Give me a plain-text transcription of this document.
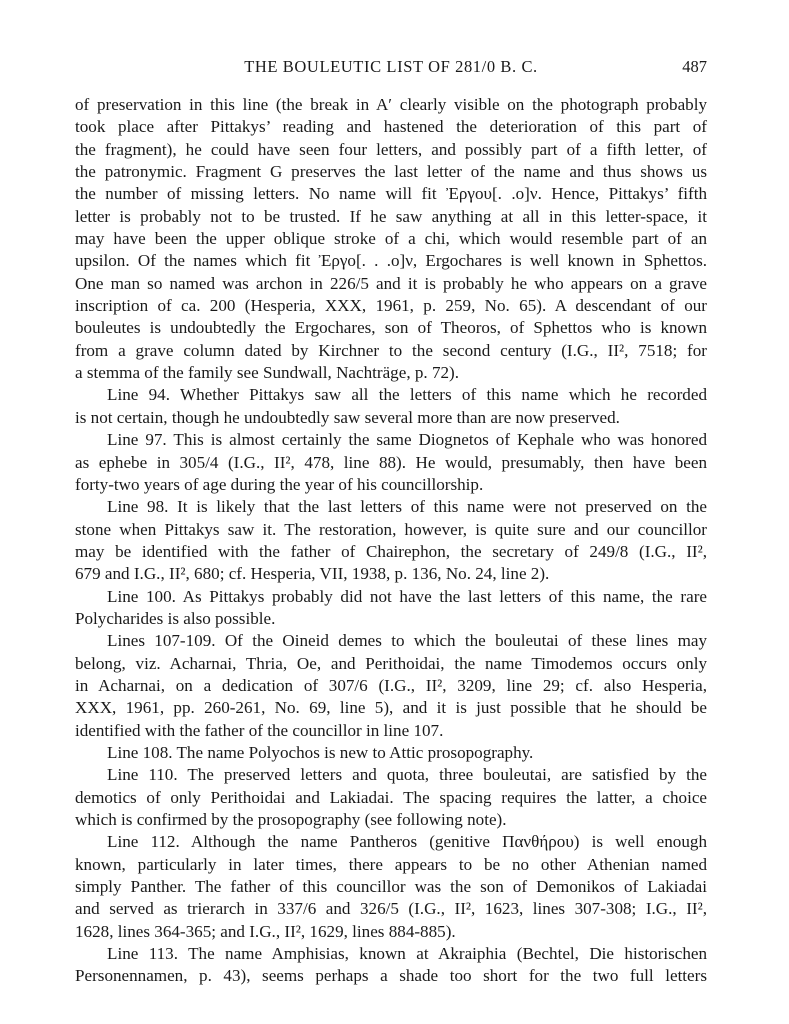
THE BOULEUTIC LIST OF 281/0 B. C.	487
of preservation in this line (the break in A′ clearly visible on the photograph probably
took place after Pittakys’ reading and hastened the deterioration of this part of
the fragment), he could have seen four letters, and possibly part of a fifth letter, of
the patronymic. Fragment G preserves the last letter of the name and thus shows us
the number of missing letters. No name will fit Ἐργου[. .ο]ν. Hence, Pittakys’ fifth
letter is probably not to be trusted. If he saw anything at all in this letter-space, it
may have been the upper oblique stroke of a chi, which would resemble part of an
upsilon. Of the names which fit Ἐργο[. . .ο]ν, Ergochares is well known in Sphettos.
One man so named was archon in 226/5 and it is probably he who appears on a grave
inscription of ca. 200 (Hesperia, XXX, 1961, p. 259, No. 65). A descendant of our
bouleutes is undoubtedly the Ergochares, son of Theoros, of Sphettos who is known
from a grave column dated by Kirchner to the second century (I.G., II², 7518; for
a stemma of the family see Sundwall, Nachträge, p. 72).
Line 94. Whether Pittakys saw all the letters of this name which he recorded
is not certain, though he undoubtedly saw several more than are now preserved.
Line 97. This is almost certainly the same Diognetos of Kephale who was honored
as ephebe in 305/4 (I.G., II², 478, line 88). He would, presumably, then have been
forty-two years of age during the year of his councillorship.
Line 98. It is likely that the last letters of this name were not preserved on the
stone when Pittakys saw it. The restoration, however, is quite sure and our councillor
may be identified with the father of Chairephon, the secretary of 249/8 (I.G., II²,
679 and I.G., II², 680; cf. Hesperia, VII, 1938, p. 136, No. 24, line 2).
Line 100. As Pittakys probably did not have the last letters of this name, the rare
Polycharides is also possible.
Lines 107-109. Of the Oineid demes to which the bouleutai of these lines may
belong, viz. Acharnai, Thria, Oe, and Perithoidai, the name Timodemos occurs only
in Acharnai, on a dedication of 307/6 (I.G., II², 3209, line 29; cf. also Hesperia,
XXX, 1961, pp. 260-261, No. 69, line 5), and it is just possible that he should be
identified with the father of the councillor in line 107.
Line 108. The name Polyochos is new to Attic prosopography.
Line 110. The preserved letters and quota, three bouleutai, are satisfied by the
demotics of only Perithoidai and Lakiadai. The spacing requires the latter, a choice
which is confirmed by the prosopography (see following note).
Line 112. Although the name Pantheros (genitive Πανθήρου) is well enough
known, particularly in later times, there appears to be no other Athenian named
simply Panther. The father of this councillor was the son of Demonikos of Lakiadai
and served as trierarch in 337/6 and 326/5 (I.G., II², 1623, lines 307-308; I.G., II²,
1628, lines 364-365; and I.G., II², 1629, lines 884-885).
Line 113. The name Amphisias, known at Akraiphia (Bechtel, Die historischen
Personennamen, p. 43), seems perhaps a shade too short for the two full letters
